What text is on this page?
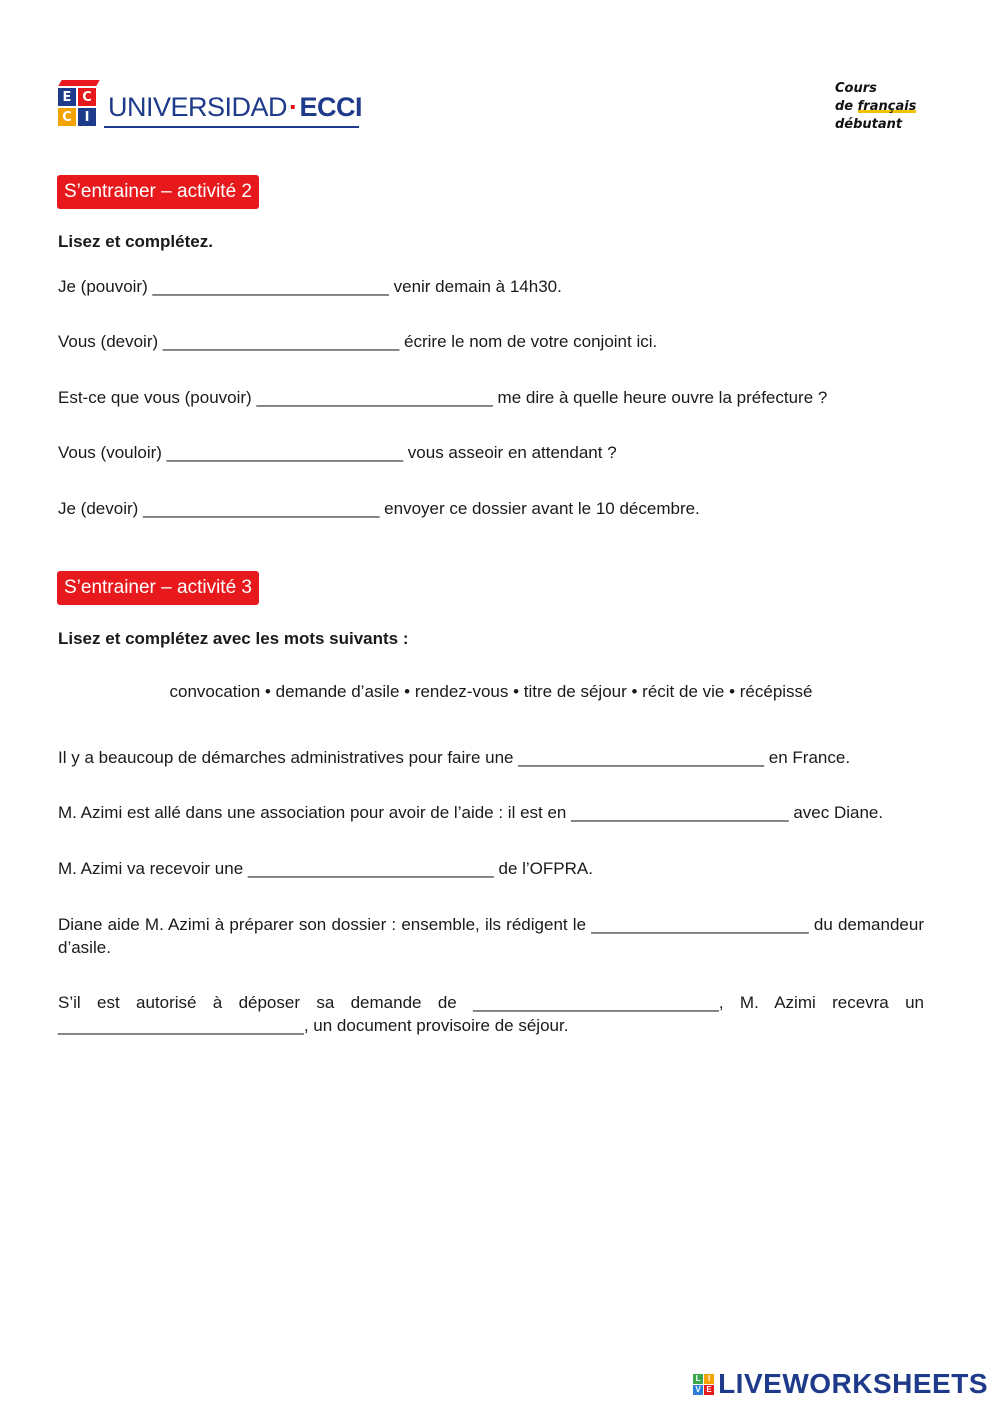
E C
C I UNIVERSIDAD·ECCI
Cours
de français
débutant
S’entrainer – activité 2
Lisez et complétez.
Je (pouvoir) _________________________ venir demain à 14h30.
Vous (devoir) _________________________ écrire le nom de votre conjoint ici.
Est-ce que vous (pouvoir) _________________________ me dire à quelle heure ouvre la préfecture ?
Vous (vouloir) _________________________ vous asseoir en attendant ?
Je (devoir) _________________________ envoyer ce dossier avant le 10 décembre.
S’entrainer – activité 3
Lisez et complétez avec les mots suivants :
convocation • demande d’asile • rendez-vous • titre de séjour • récit de vie • récépissé
Il y a beaucoup de démarches administratives pour faire une __________________________ en France.
M. Azimi est allé dans une association pour avoir de l’aide : il est en _______________________ avec Diane.
M. Azimi va recevoir une __________________________ de l’OFPRA.
Diane aide M. Azimi à préparer son dossier : ensemble, ils rédigent le _______________________ du demandeur d’asile.
S’il est autorisé à déposer sa demande de __________________________, M. Azimi recevra un __________________________, un document provisoire de séjour.
L I
V E LIVEWORKSHEETS
